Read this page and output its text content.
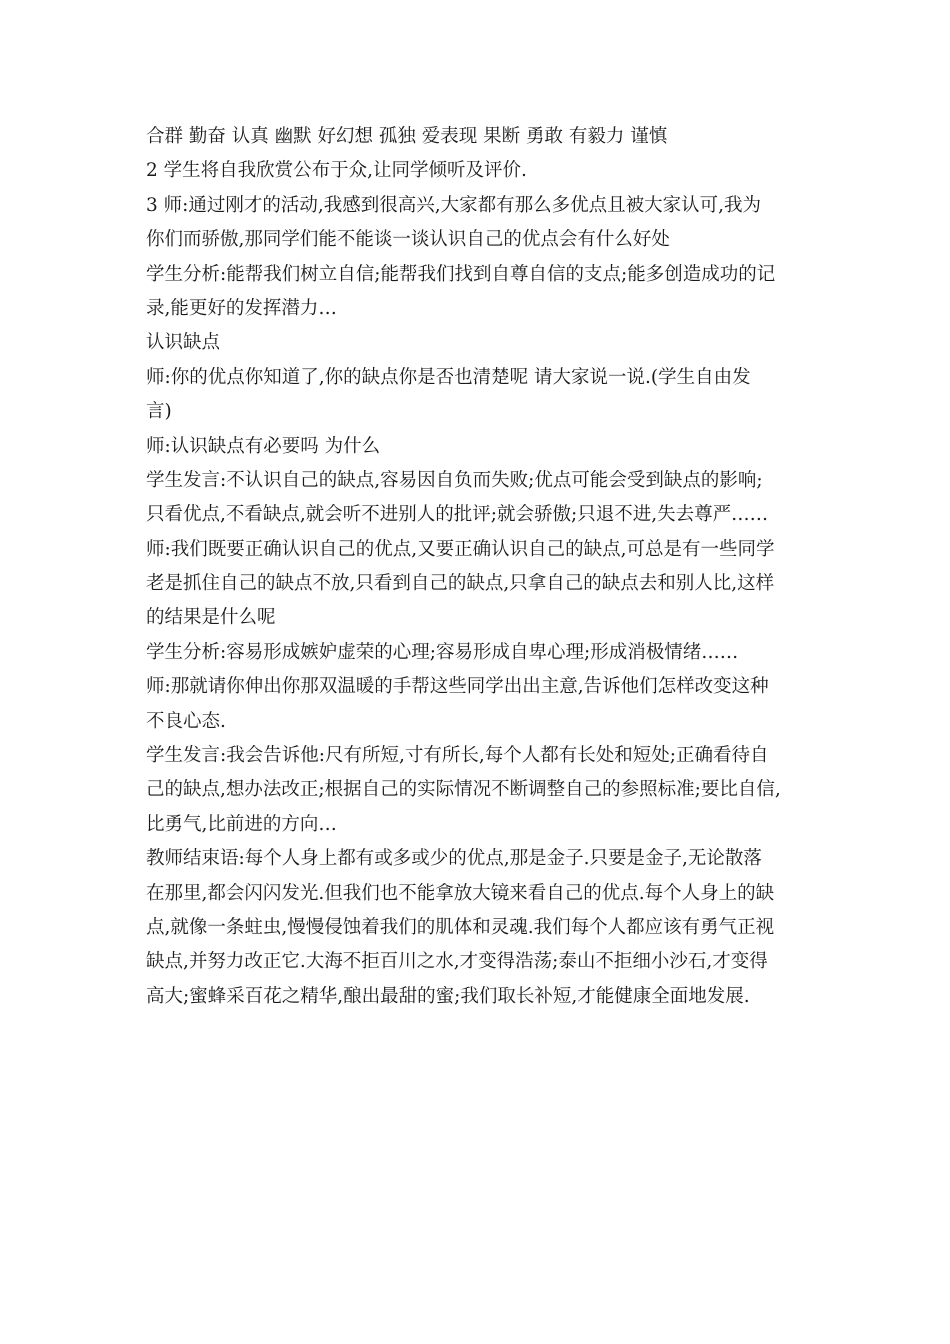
合群 勤奋 认真 幽默 好幻想 孤独 爱表现 果断 勇敢 有毅力 谨慎
2 学生将自我欣赏公布于众,让同学倾听及评价.
3 师:通过刚才的活动,我感到很高兴,大家都有那么多优点且被大家认可,我为
你们而骄傲,那同学们能不能谈一谈认识自己的优点会有什么好处
学生分析:能帮我们树立自信;能帮我们找到自尊自信的支点;能多创造成功的记
录,能更好的发挥潜力…
认识缺点
师:你的优点你知道了,你的缺点你是否也清楚呢 请大家说一说.(学生自由发
言)
师:认识缺点有必要吗 为什么
学生发言:不认识自己的缺点,容易因自负而失败;优点可能会受到缺点的影响;
只看优点,不看缺点,就会听不进别人的批评;就会骄傲;只退不进,失去尊严……
师:我们既要正确认识自己的优点,又要正确认识自己的缺点,可总是有一些同学
老是抓住自己的缺点不放,只看到自己的缺点,只拿自己的缺点去和别人比,这样
的结果是什么呢
学生分析:容易形成嫉妒虚荣的心理;容易形成自卑心理;形成消极情绪……
师:那就请你伸出你那双温暖的手帮这些同学出出主意,告诉他们怎样改变这种
不良心态.
学生发言:我会告诉他:尺有所短,寸有所长,每个人都有长处和短处;正确看待自
己的缺点,想办法改正;根据自己的实际情况不断调整自己的参照标准;要比自信,
比勇气,比前进的方向…
教师结束语:每个人身上都有或多或少的优点,那是金子.只要是金子,无论散落
在那里,都会闪闪发光.但我们也不能拿放大镜来看自己的优点.每个人身上的缺
点,就像一条蛀虫,慢慢侵蚀着我们的肌体和灵魂.我们每个人都应该有勇气正视
缺点,并努力改正它.大海不拒百川之水,才变得浩荡;泰山不拒细小沙石,才变得
高大;蜜蜂采百花之精华,酿出最甜的蜜;我们取长补短,才能健康全面地发展.
